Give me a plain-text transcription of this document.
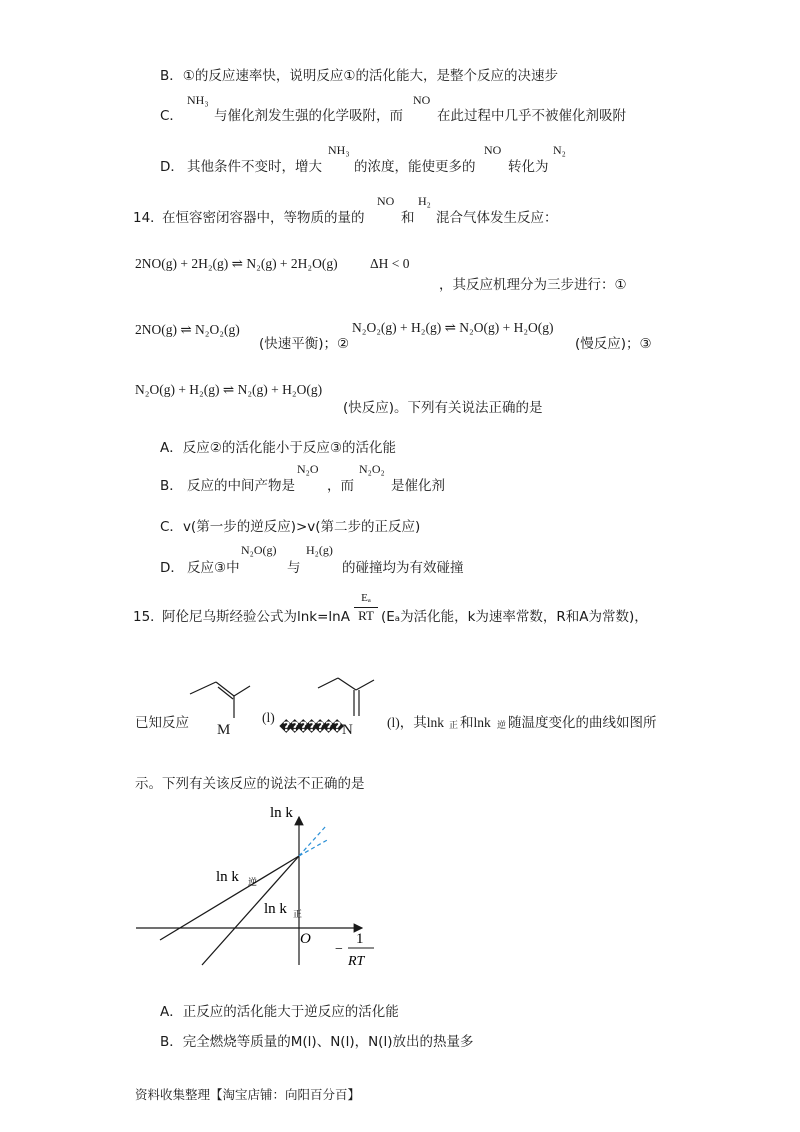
B．①的反应速率快，说明反应①的活化能大，是整个反应的决速步
C．
NH₃
与催化剂发生强的化学吸附，而
NO
在此过程中几乎不被催化剂吸附
D． 其他条件不变时，增大
NH₃
的浓度，能使更多的
NO
转化为
N₂
14．
在恒容密闭容器中，等物质的量的
NO
和
H₂
混合气体发生反应：
2NO(g) + 2H₂(g) ⇌ N₂(g) + 2H₂O(g) ΔH < 0
，其反应机理分为三步进行：①
2NO(g) ⇌ N₂O₂(g)
(快速平衡)；②
N₂O₂(g) + H₂(g) ⇌ N₂O(g) + H₂O(g)
(慢反应)；③
N₂O(g) + H₂(g) ⇌ N₂(g) + H₂O(g)
(快反应)。下列有关说法正确的是
A．反应②的活化能小于反应③的活化能
B． 反应的中间产物是
N₂O
，而
N₂O₂
是催化剂
C．v(第一步的逆反应)>v(第二步的正反应)
D． 反应③中
N₂O(g)
与
H₂(g)
的碰撞均为有效碰撞
15．
阿伦尼乌斯经验公式为lnk=lnA
Eₐ
RT (Eₐ为活化能，k为速率常数，R和A为常数)，
已知反应 M
(l)
������� N	(l)，其lnk 正 和lnk 逆 随温度变化的曲线如图所
示。下列有关该反应的说法不正确的是
ln k
ln k 逆
ln k 正
O
−
1
RT
A．正反应的活化能大于逆反应的活化能
B．完全燃烧等质量的M(l)、N(l)，N(l)放出的热量多
资料收集整理【淘宝店铺：向阳百分百】
